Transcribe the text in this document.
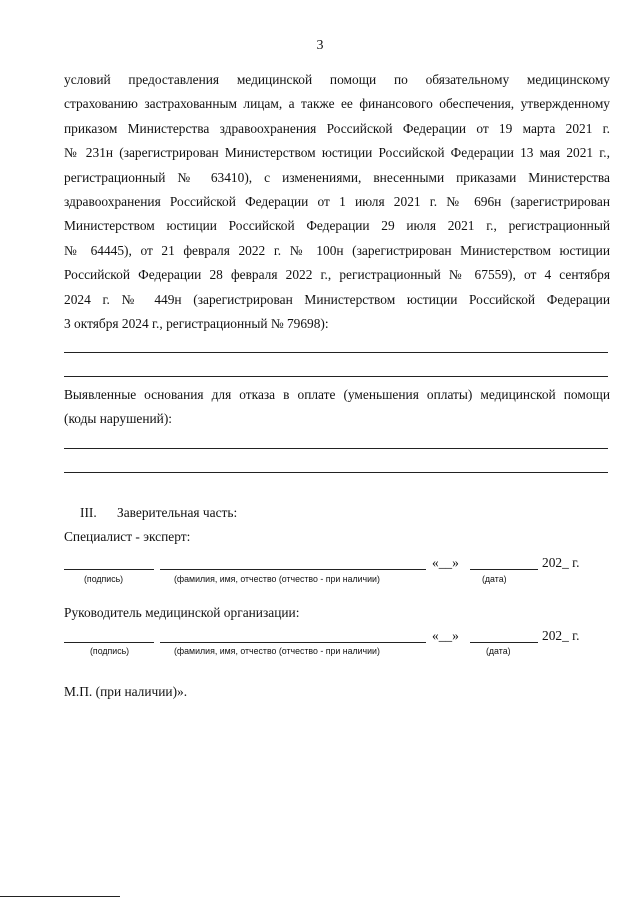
3
условий предоставления медицинской помощи по обязательному медицинскому
страхованию застрахованным лицам, а также ее финансового обеспечения, утвержденному
приказом Министерства здравоохранения Российской Федерации от 19 марта 2021 г.
№ 231н (зарегистрирован Министерством юстиции Российской Федерации 13 мая 2021 г.,
регистрационный № 63410), с изменениями, внесенными приказами Министерства
здравоохранения Российской Федерации от 1 июля 2021 г. № 696н (зарегистрирован
Министерством юстиции Российской Федерации 29 июля 2021 г., регистрационный
№ 64445), от 21 февраля 2022 г. № 100н (зарегистрирован Министерством юстиции
Российской Федерации 28 февраля 2022 г., регистрационный № 67559), от 4 сентября
2024 г. № 449н (зарегистрирован Министерством юстиции Российской Федерации
3 октября 2024 г., регистрационный № 79698):
Выявленные основания для отказа в оплате (уменьшения оплаты) медицинской помощи
(коды нарушений):
III. Заверительная часть:
Специалист - эксперт:
«__»	202_ г.
(подпись)	(фамилия, имя, отчество (отчество - при наличии)	(дата)
Руководитель медицинской организации:
«__»	202_ г.
(подпись)	(фамилия, имя, отчество (отчество - при наличии)	(дата)
М.П. (при наличии)».
